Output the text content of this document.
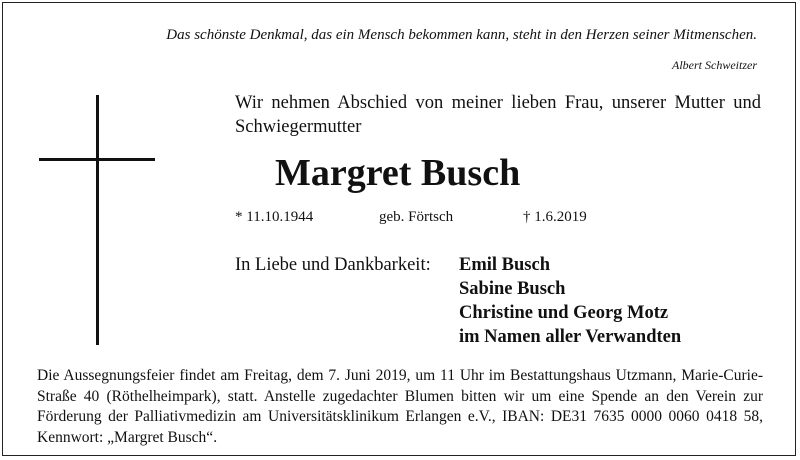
Das schönste Denkmal, das ein Mensch bekommen kann, steht in den Herzen seiner Mitmenschen.
Albert Schweitzer
Wir nehmen Abschied von meiner lieben Frau, unserer Mutter und Schwiegermutter
Margret Busch
* 11.10.1944	geb. Förtsch	† 1.6.2019
In Liebe und Dankbarkeit: Emil Busch
Sabine Busch
Christine und Georg Motz
im Namen aller Verwandten
Die Aussegnungsfeier findet am Freitag, dem 7. Juni 2019, um 11 Uhr im Bestattungshaus Utzmann, Marie-Curie-Straße 40 (Röthelheimpark), statt. Anstelle zugedachter Blumen bitten wir um eine Spende an den Verein zur Förderung der Palliativmedizin am Universitätsklinikum Erlangen e.V., IBAN: DE31 7635 0000 0060 0418 58, Kennwort: „Margret Busch“.
